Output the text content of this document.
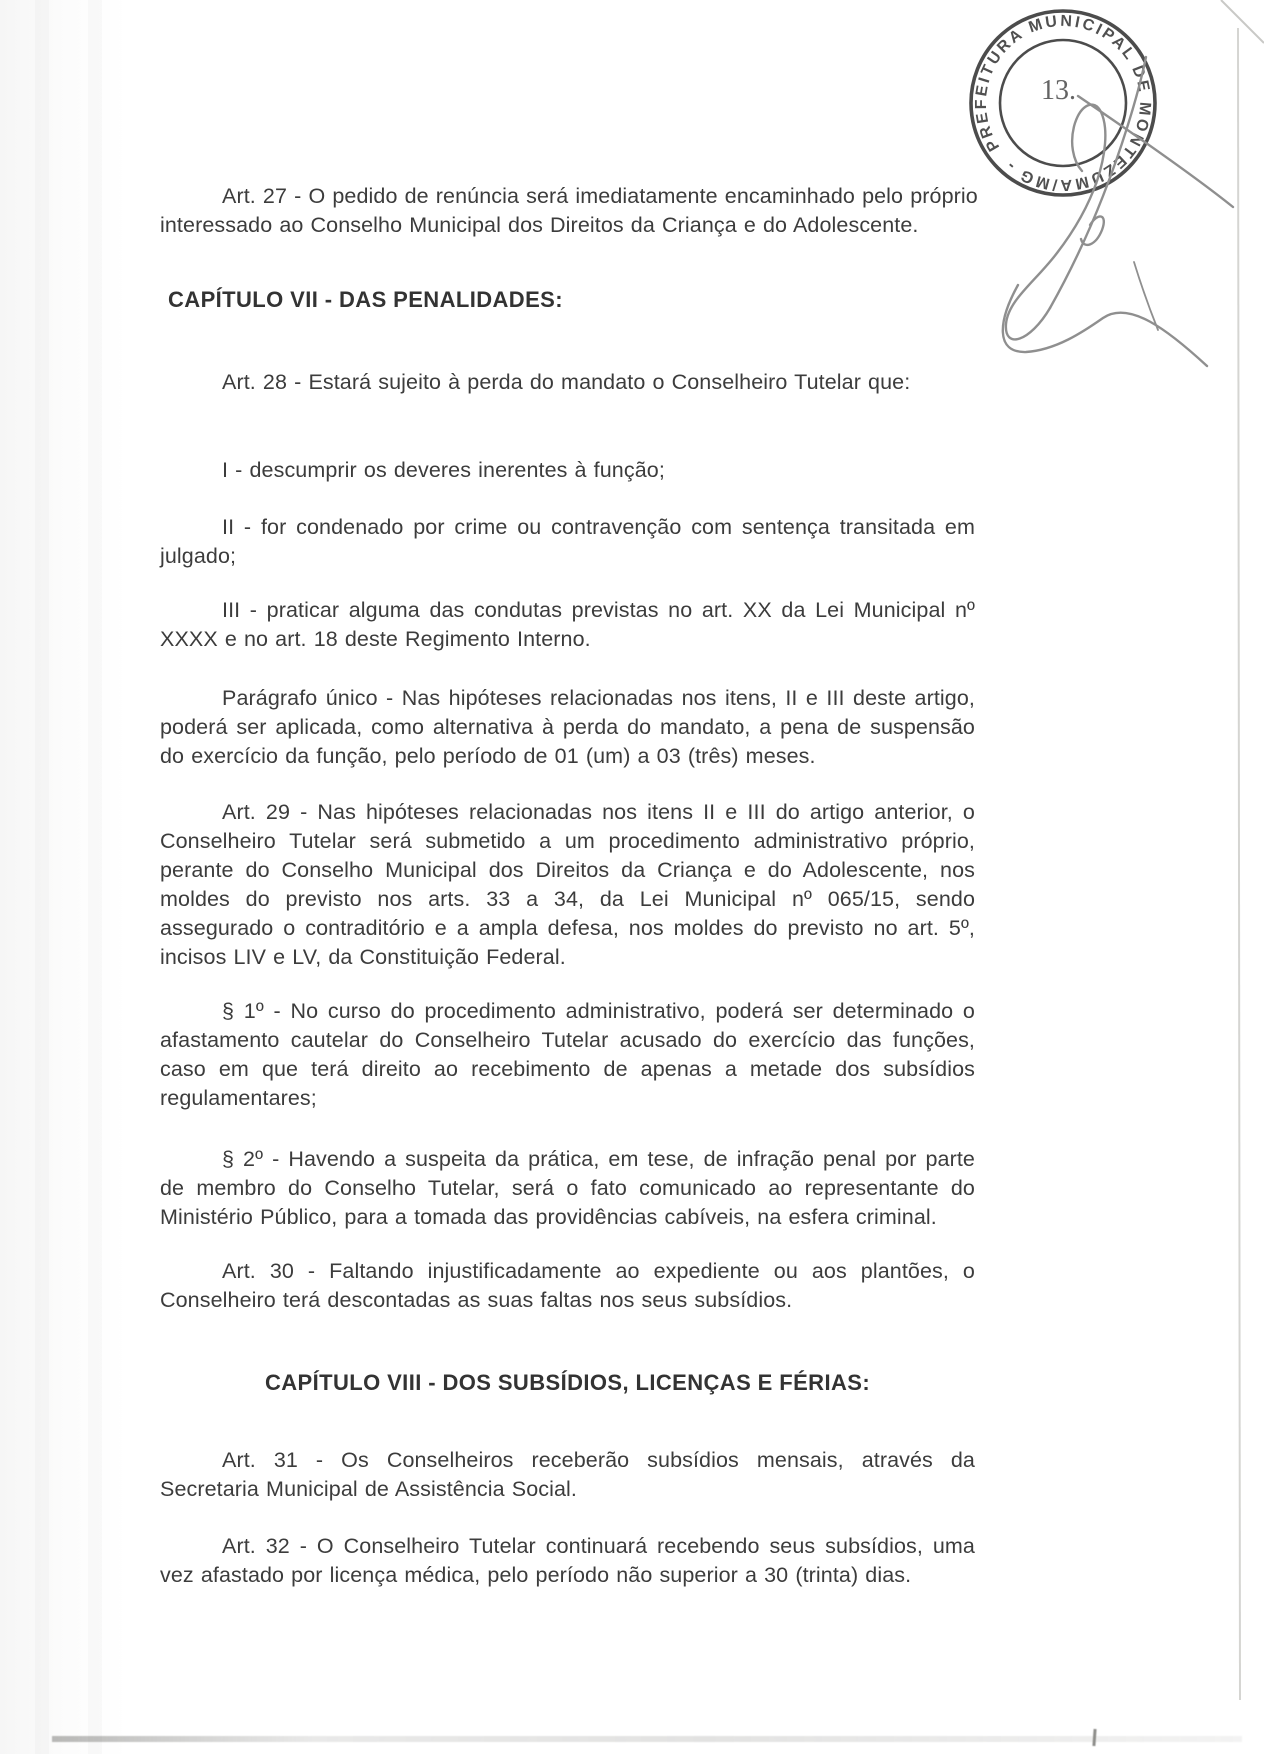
Art. 27 - O pedido de renúncia será imediatamente encaminhado pelo próprio interessado ao Conselho Municipal dos Direitos da Criança e do Adolescente.

CAPÍTULO VII - DAS PENALIDADES:

Art. 28 - Estará sujeito à perda do mandato o Conselheiro Tutelar que:

I - descumprir os deveres inerentes à função;

II - for condenado por crime ou contravenção com sentença transitada em julgado;

III - praticar alguma das condutas previstas no art. XX da Lei Municipal nº XXXX e no art. 18 deste Regimento Interno.

Parágrafo único - Nas hipóteses relacionadas nos itens, II e III deste artigo, poderá ser aplicada, como alternativa à perda do mandato, a pena de suspensão do exercício da função, pelo período de 01 (um) a 03 (três) meses.

Art. 29 - Nas hipóteses relacionadas nos itens II e III do artigo anterior, o Conselheiro Tutelar será submetido a um procedimento administrativo próprio, perante do Conselho Municipal dos Direitos da Criança e do Adolescente, nos moldes do previsto nos arts. 33 a 34, da Lei Municipal nº 065/15, sendo assegurado o contraditório e a ampla defesa, nos moldes do previsto no art. 5º, incisos LIV e LV, da Constituição Federal.

§ 1º - No curso do procedimento administrativo, poderá ser determinado o afastamento cautelar do Conselheiro Tutelar acusado do exercício das funções, caso em que terá direito ao recebimento de apenas a metade dos subsídios regulamentares;

§ 2º - Havendo a suspeita da prática, em tese, de infração penal por parte de membro do Conselho Tutelar, será o fato comunicado ao representante do Ministério Público, para a tomada das providências cabíveis, na esfera criminal.

Art. 30 - Faltando injustificadamente ao expediente ou aos plantões, o Conselheiro terá descontadas as suas faltas nos seus subsídios.

CAPÍTULO VIII - DOS SUBSÍDIOS, LICENÇAS E FÉRIAS:

Art. 31 - Os Conselheiros receberão subsídios mensais, através da Secretaria Municipal de Assistência Social.

Art. 32 - O Conselheiro Tutelar continuará recebendo seus subsídios, uma vez afastado por licença médica, pelo período não superior a 30 (trinta) dias.

PREFEITURA MUNICIPAL DE MONTEZUMA/MG -
13.
